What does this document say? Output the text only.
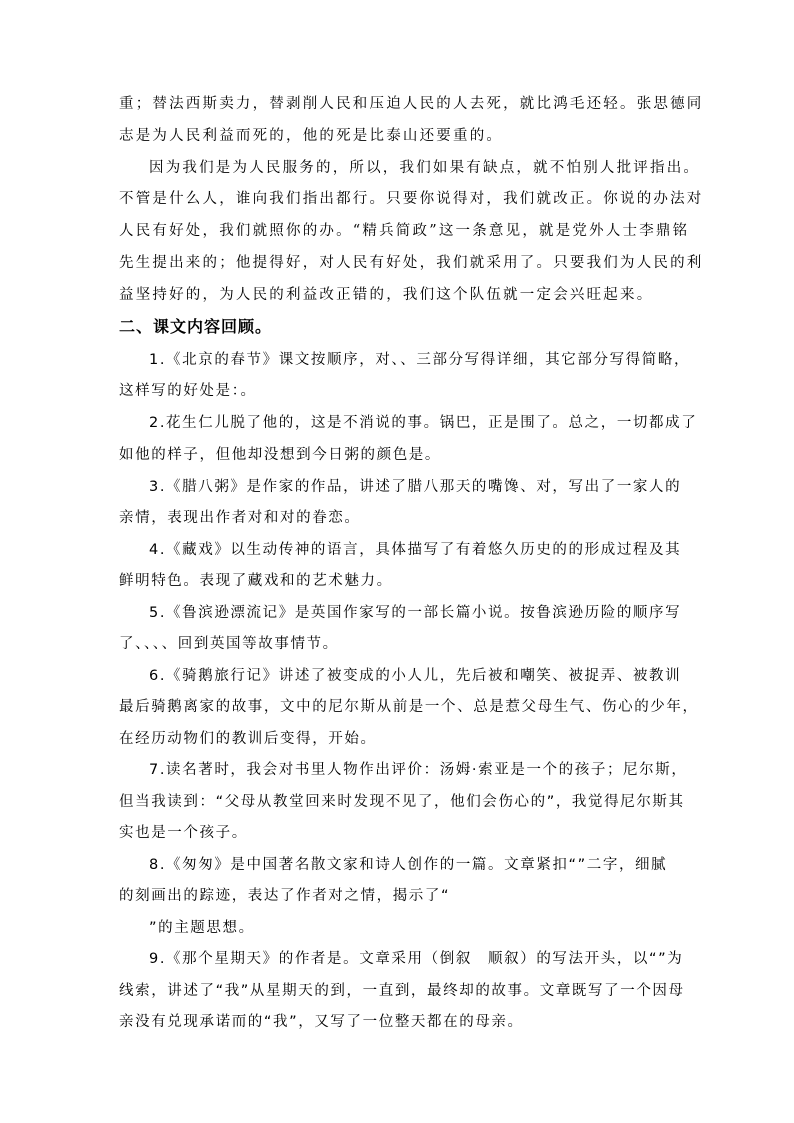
重；替法西斯卖力，替剥削人民和压迫人民的人去死，就比鸿毛还轻。张思德同
志是为人民利益而死的，他的死是比泰山还要重的。
因为我们是为人民服务的，所以，我们如果有缺点，就不怕别人批评指出。
不管是什么人，谁向我们指出都行。只要你说得对，我们就改正。你说的办法对
人民有好处，我们就照你的办。“精兵简政”这一条意见，就是党外人士李鼎铭
先生提出来的；他提得好，对人民有好处，我们就采用了。只要我们为人民的利
益坚持好的，为人民的利益改正错的，我们这个队伍就一定会兴旺起来。
二、课文内容回顾。
1.《北京的春节》课文按顺序，对、、三部分写得详细，其它部分写得简略，
这样写的好处是：。
2.花生仁儿脱了他的，这是不消说的事。锅巴，正是围了。总之，一切都成了
如他的样子，但他却没想到今日粥的颜色是。
3.《腊八粥》是作家的作品，讲述了腊八那天的嘴馋、对，写出了一家人的
亲情，表现出作者对和对的眷恋。
4.《藏戏》以生动传神的语言，具体描写了有着悠久历史的的形成过程及其
鲜明特色。表现了藏戏和的艺术魅力。
5.《鲁滨逊漂流记》是英国作家写的一部长篇小说。按鲁滨逊历险的顺序写
了、、、、回到英国等故事情节。
6.《骑鹅旅行记》讲述了被变成的小人儿，先后被和嘲笑、被捉弄、被教训
最后骑鹅离家的故事，文中的尼尔斯从前是一个、总是惹父母生气、伤心的少年，
在经历动物们的教训后变得，开始。
7.读名著时，我会对书里人物作出评价：汤姆·索亚是一个的孩子；尼尔斯，
但当我读到：“父母从教堂回来时发现不见了，他们会伤心的”，我觉得尼尔斯其
实也是一个孩子。
8.《匆匆》是中国著名散文家和诗人创作的一篇。文章紧扣“”二字，细腻
的刻画出的踪迹，表达了作者对之情，揭示了“
”的主题思想。
9.《那个星期天》的作者是。文章采用（倒叙　顺叙）的写法开头，以“”为
线索，讲述了“我”从星期天的到，一直到，最终却的故事。文章既写了一个因母
亲没有兑现承诺而的“我”，又写了一位整天都在的母亲。
